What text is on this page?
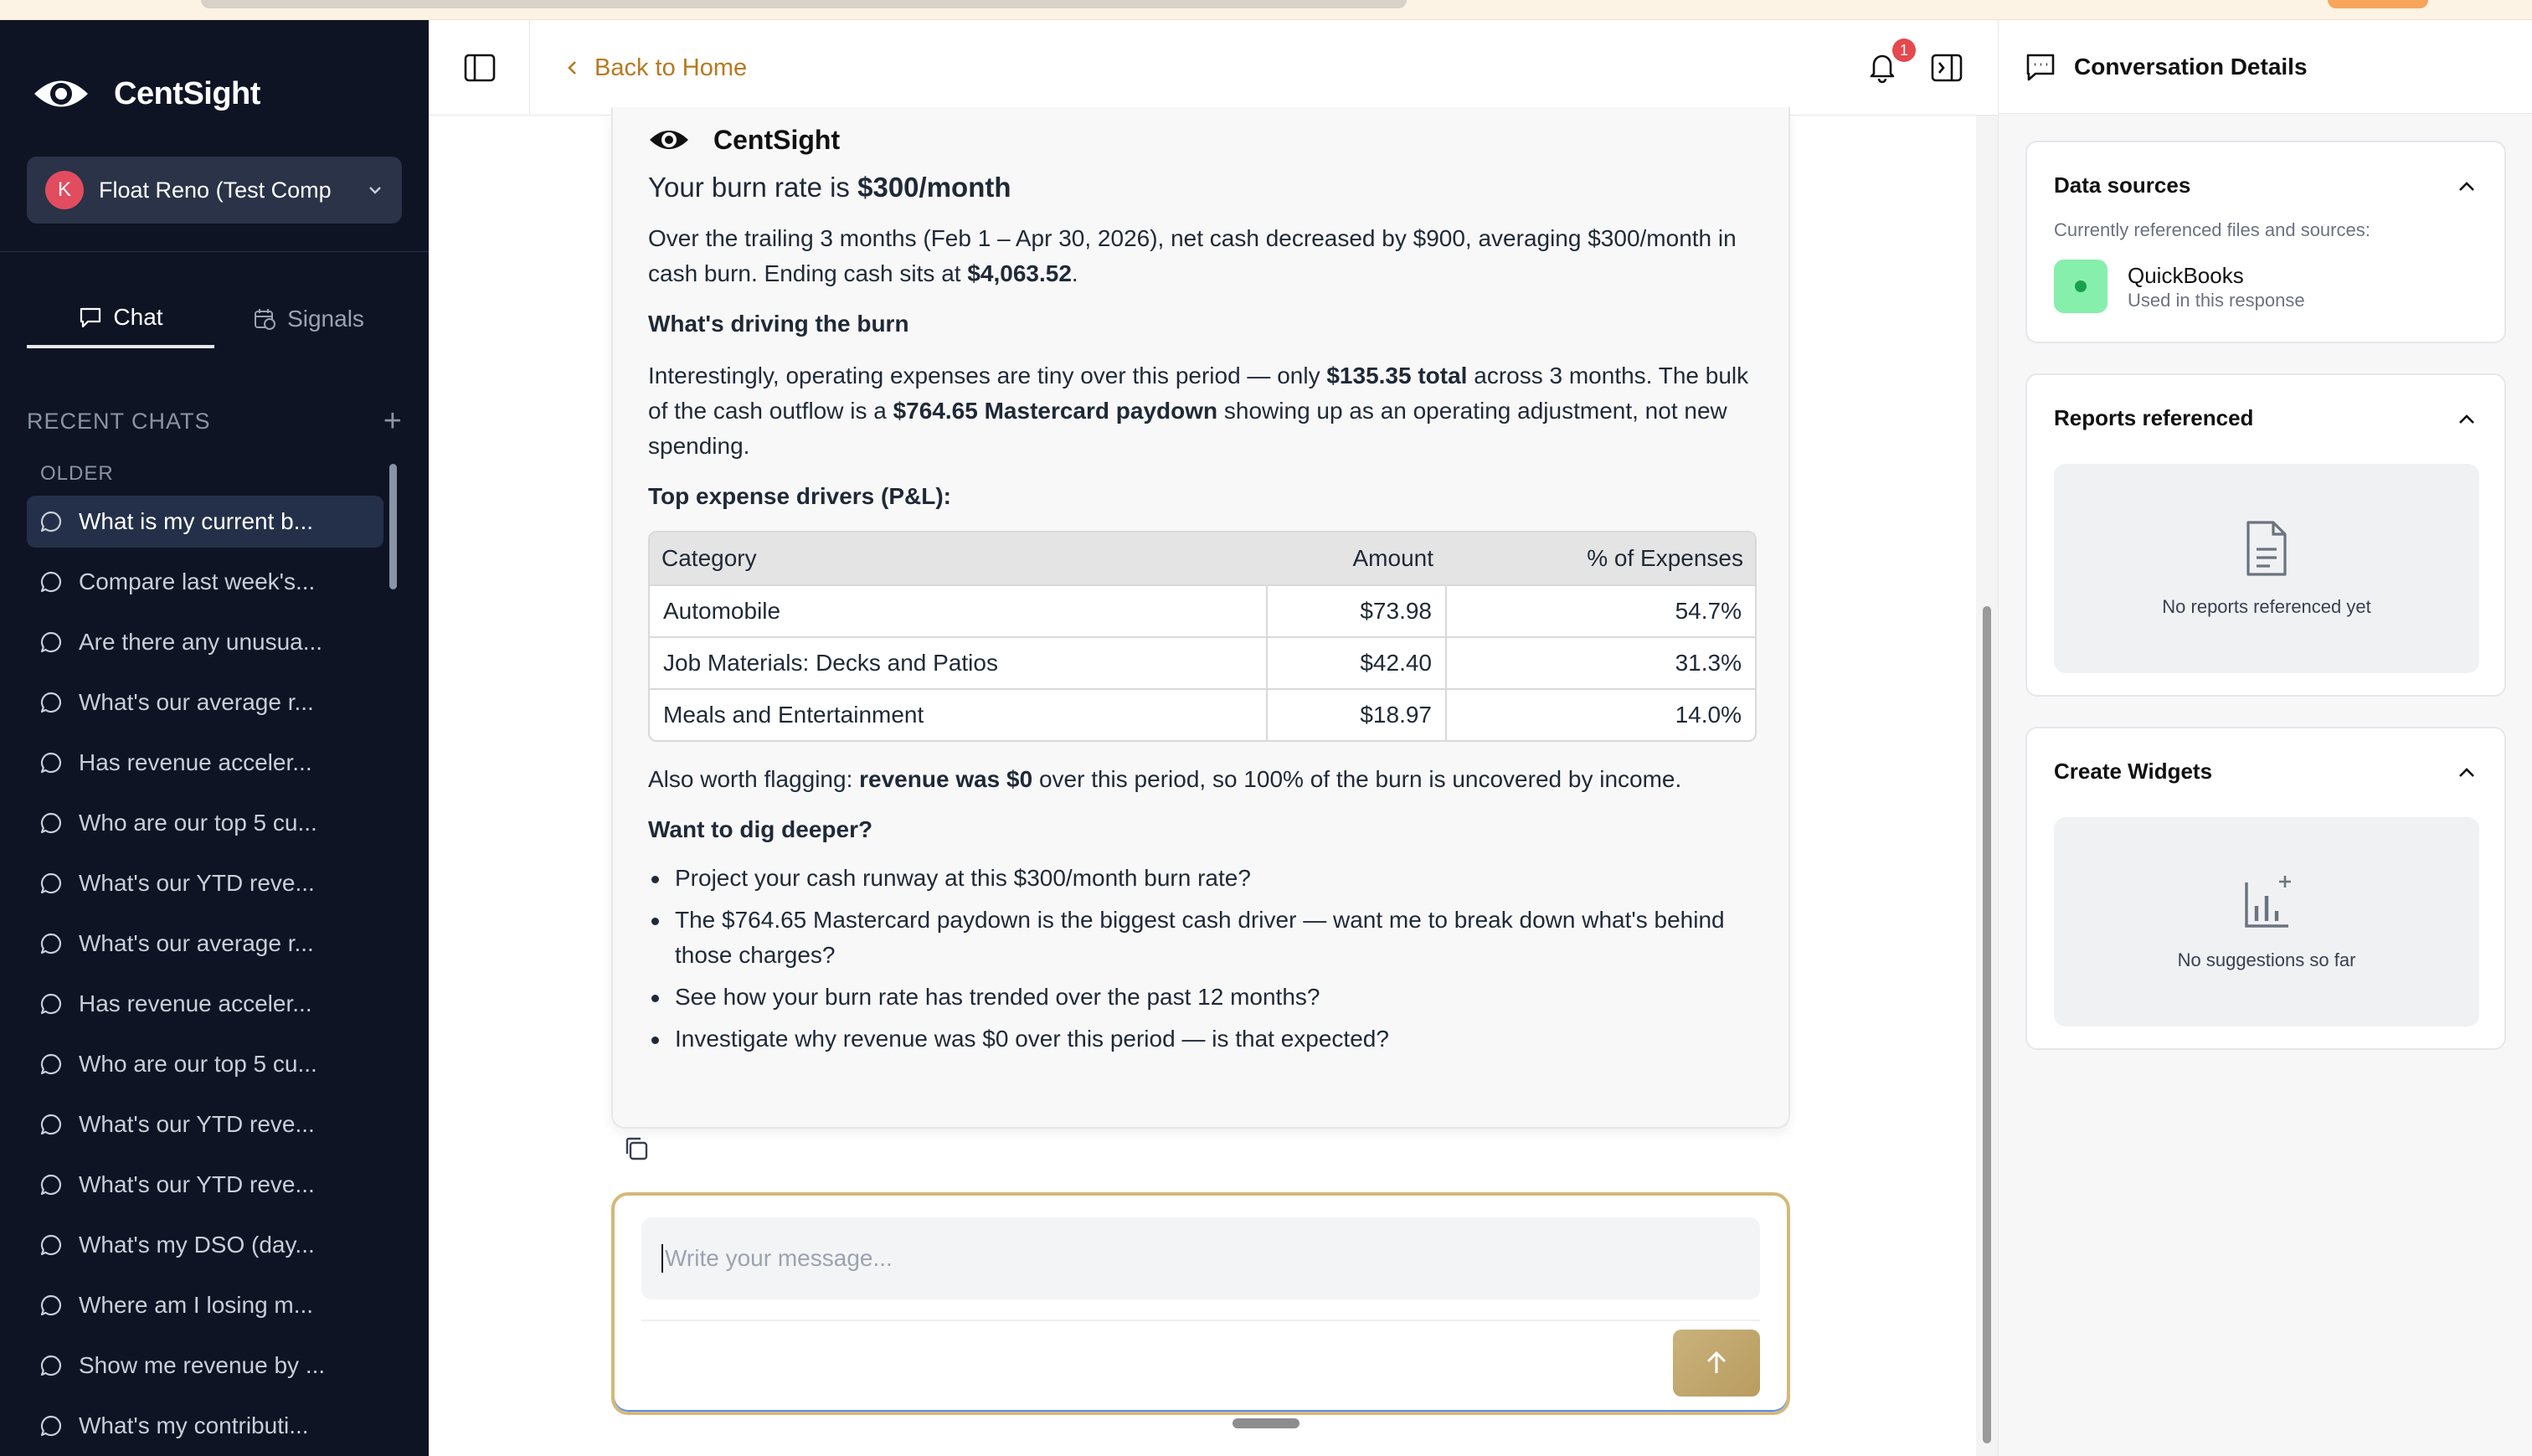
CentSight
K	Float Reno (Test Comp
Chat	Signals
RECENT CHATS	+
OLDER
What is my current b...
Compare last week's...
Are there any unusua...
What's our average r...
Has revenue acceler...
Who are our top 5 cu...
What's our YTD reve...
What's our average r...
Has revenue acceler...
Who are our top 5 cu...
What's our YTD reve...
What's our YTD reve...
What's my DSO (day...
Where am I losing m...
Show me revenue by ...
What's my contributi...
Back to Home
1
CentSight
Your burn rate is $300/month

Over the trailing 3 months (Feb 1 – Apr 30, 2026), net cash decreased by $900, averaging $300/month in cash burn. Ending cash sits at $4,063.52.

What's driving the burn

Interestingly, operating expenses are tiny over this period — only $135.35 total across 3 months. The bulk of the cash outflow is a $764.65 Mastercard paydown showing up as an operating adjustment, not new spending.

Top expense drivers (P&L):
Category	Amount	% of Expenses
Automobile	$73.98	54.7%
Job Materials: Decks and Patios	$42.40	31.3%
Meals and Entertainment	$18.97	14.0%

Also worth flagging: revenue was $0 over this period, so 100% of the burn is uncovered by income.

Want to dig deeper?
Project your cash runway at this $300/month burn rate?
The $764.65 Mastercard paydown is the biggest cash driver — want me to break down what's behind those charges?
See how your burn rate has trended over the past 12 months?
Investigate why revenue was $0 over this period — is that expected?
Write your message...
Conversation Details
Data sources
Currently referenced files and sources:
QuickBooks
Used in this response
Reports referenced
No reports referenced yet
Create Widgets
No suggestions so far
